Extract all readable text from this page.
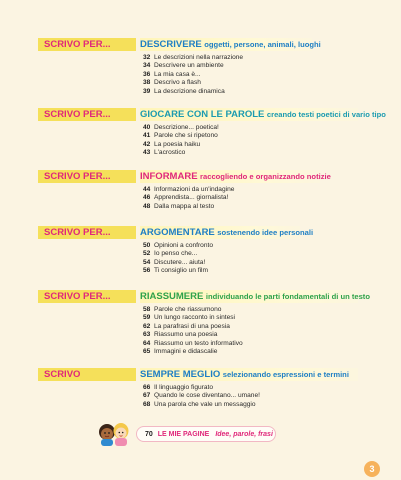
SCRIVO PER...	DESCRIVERE oggetti, persone, animali, luoghi
32 Le descrizioni nella narrazione
34 Descrivere un ambiente
36 La mia casa è...
38 Descrivo a flash
39 La descrizione dinamica
SCRIVO PER...	GIOCARE CON LE PAROLE creando testi poetici di vario tipo
40 Descrizione... poetica!
41 Parole che si ripetono
42 La poesia haiku
43 L'acrostico
SCRIVO PER...	INFORMARE raccogliendo e organizzando notizie
44 Informazioni da un'indagine
46 Apprendista... giornalista!
48 Dalla mappa al testo
SCRIVO PER...	ARGOMENTARE sostenendo idee personali
50 Opinioni a confronto
52 Io penso che...
54 Discutere... aiuta!
56 Ti consiglio un film
SCRIVO PER...	RIASSUMERE individuando le parti fondamentali di un testo
58 Parole che riassumono
59 Un lungo racconto in sintesi
62 La parafrasi di una poesia
63 Riassumo una poesia
64 Riassumo un testo informativo
65 Immagini e didascalie
SCRIVO	SEMPRE MEGLIO selezionando espressioni e termini
66 Il linguaggio figurato
67 Quando le cose diventano... umane!
68 Una parola che vale un messaggio
70 LE MIE PAGINE Idee, parole, frasi
3
